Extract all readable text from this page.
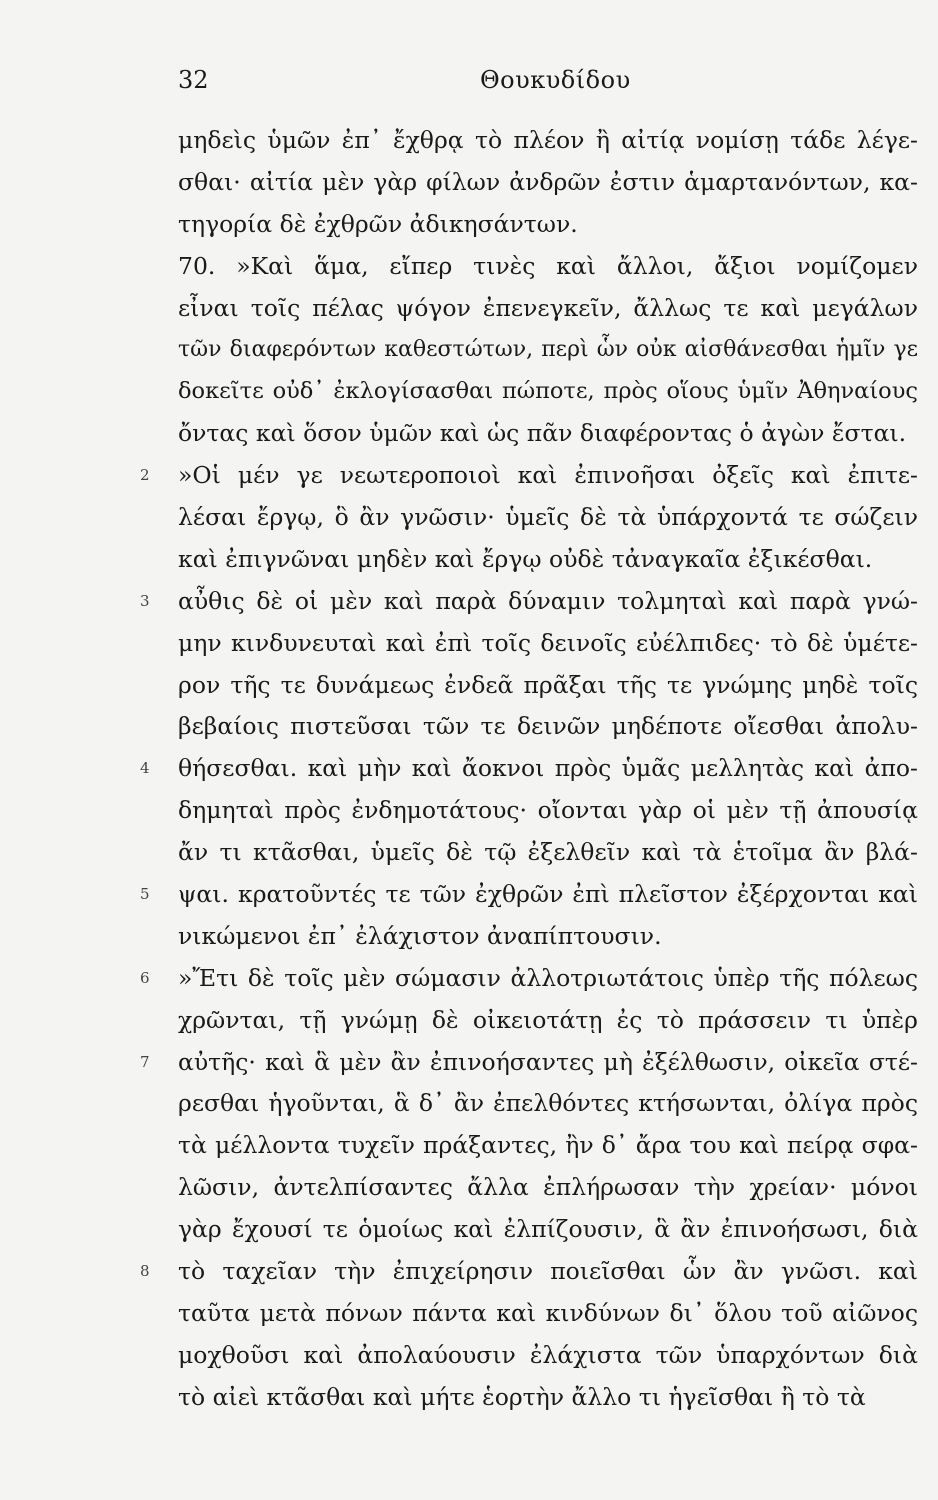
32	Θουκυδίδου
μηδεὶς ὑμῶν ἐπ᾽ ἔχθρᾳ τὸ πλέον ἢ αἰτίᾳ νομίσῃ τάδε λέγε-
σθαι· αἰτία μὲν γὰρ φίλων ἀνδρῶν ἐστιν ἁμαρτανόντων, κα-
τηγορία δὲ ἐχθρῶν ἀδικησάντων.
70. »Καὶ ἅμα, εἴπερ τινὲς καὶ ἄλλοι, ἄξιοι νομίζομεν
εἶναι τοῖς πέλας ψόγον ἐπενεγκεῖν, ἄλλως τε καὶ μεγάλων
τῶν διαφερόντων καθεστώτων, περὶ ὧν οὐκ αἰσθάνεσθαι ἡμῖν γε
δοκεῖτε οὐδ᾽ ἐκλογίσασθαι πώποτε, πρὸς οἵους ὑμῖν Ἀθηναίους
ὄντας καὶ ὅσον ὑμῶν καὶ ὡς πᾶν διαφέροντας ὁ ἀγὼν ἔσται.
2	»Οἱ μέν γε νεωτεροποιοὶ καὶ ἐπινοῆσαι ὀξεῖς καὶ ἐπιτε-
λέσαι ἔργῳ, ὃ ἂν γνῶσιν· ὑμεῖς δὲ τὰ ὑπάρχοντά τε σώζειν
καὶ ἐπιγνῶναι μηδὲν καὶ ἔργῳ οὐδὲ τἀναγκαῖα ἐξικέσθαι.
3	αὖθις δὲ οἱ μὲν καὶ παρὰ δύναμιν τολμηταὶ καὶ παρὰ γνώ-
μην κινδυνευταὶ καὶ ἐπὶ τοῖς δεινοῖς εὐέλπιδες· τὸ δὲ ὑμέτε-
ρον τῆς τε δυνάμεως ἐνδεᾶ πρᾶξαι τῆς τε γνώμης μηδὲ τοῖς
βεβαίοις πιστεῦσαι τῶν τε δεινῶν μηδέποτε οἴεσθαι ἀπολυ-
4	θήσεσθαι. καὶ μὴν καὶ ἄοκνοι πρὸς ὑμᾶς μελλητὰς καὶ ἀπο-
δημηταὶ πρὸς ἐνδημοτάτους· οἴονται γὰρ οἱ μὲν τῇ ἀπουσίᾳ
ἄν τι κτᾶσθαι, ὑμεῖς δὲ τῷ ἐξελθεῖν καὶ τὰ ἑτοῖμα ἂν βλά-
5	ψαι. κρατοῦντές τε τῶν ἐχθρῶν ἐπὶ πλεῖστον ἐξέρχονται καὶ
νικώμενοι ἐπ᾽ ἐλάχιστον ἀναπίπτουσιν.
6	»Ἔτι δὲ τοῖς μὲν σώμασιν ἀλλοτριωτάτοις ὑπὲρ τῆς πόλεως
χρῶνται, τῇ γνώμῃ δὲ οἰκειοτάτῃ ἐς τὸ πράσσειν τι ὑπὲρ
7	αὐτῆς· καὶ ἃ μὲν ἂν ἐπινοήσαντες μὴ ἐξέλθωσιν, οἰκεῖα στέ-
ρεσθαι ἡγοῦνται, ἃ δ᾽ ἂν ἐπελθόντες κτήσωνται, ὀλίγα πρὸς
τὰ μέλλοντα τυχεῖν πράξαντες, ἢν δ᾽ ἄρα του καὶ πείρᾳ σφα-
λῶσιν, ἀντελπίσαντες ἄλλα ἐπλήρωσαν τὴν χρείαν· μόνοι
γὰρ ἔχουσί τε ὁμοίως καὶ ἐλπίζουσιν, ἃ ἂν ἐπινοήσωσι, διὰ
8	τὸ ταχεῖαν τὴν ἐπιχείρησιν ποιεῖσθαι ὧν ἂν γνῶσι. καὶ
ταῦτα μετὰ πόνων πάντα καὶ κινδύνων δι᾽ ὅλου τοῦ αἰῶνος
μοχθοῦσι καὶ ἀπολαύουσιν ἐλάχιστα τῶν ὑπαρχόντων διὰ
τὸ αἰεὶ κτᾶσθαι καὶ μήτε ἑορτὴν ἄλλο τι ἡγεῖσθαι ἢ τὸ τὰ
